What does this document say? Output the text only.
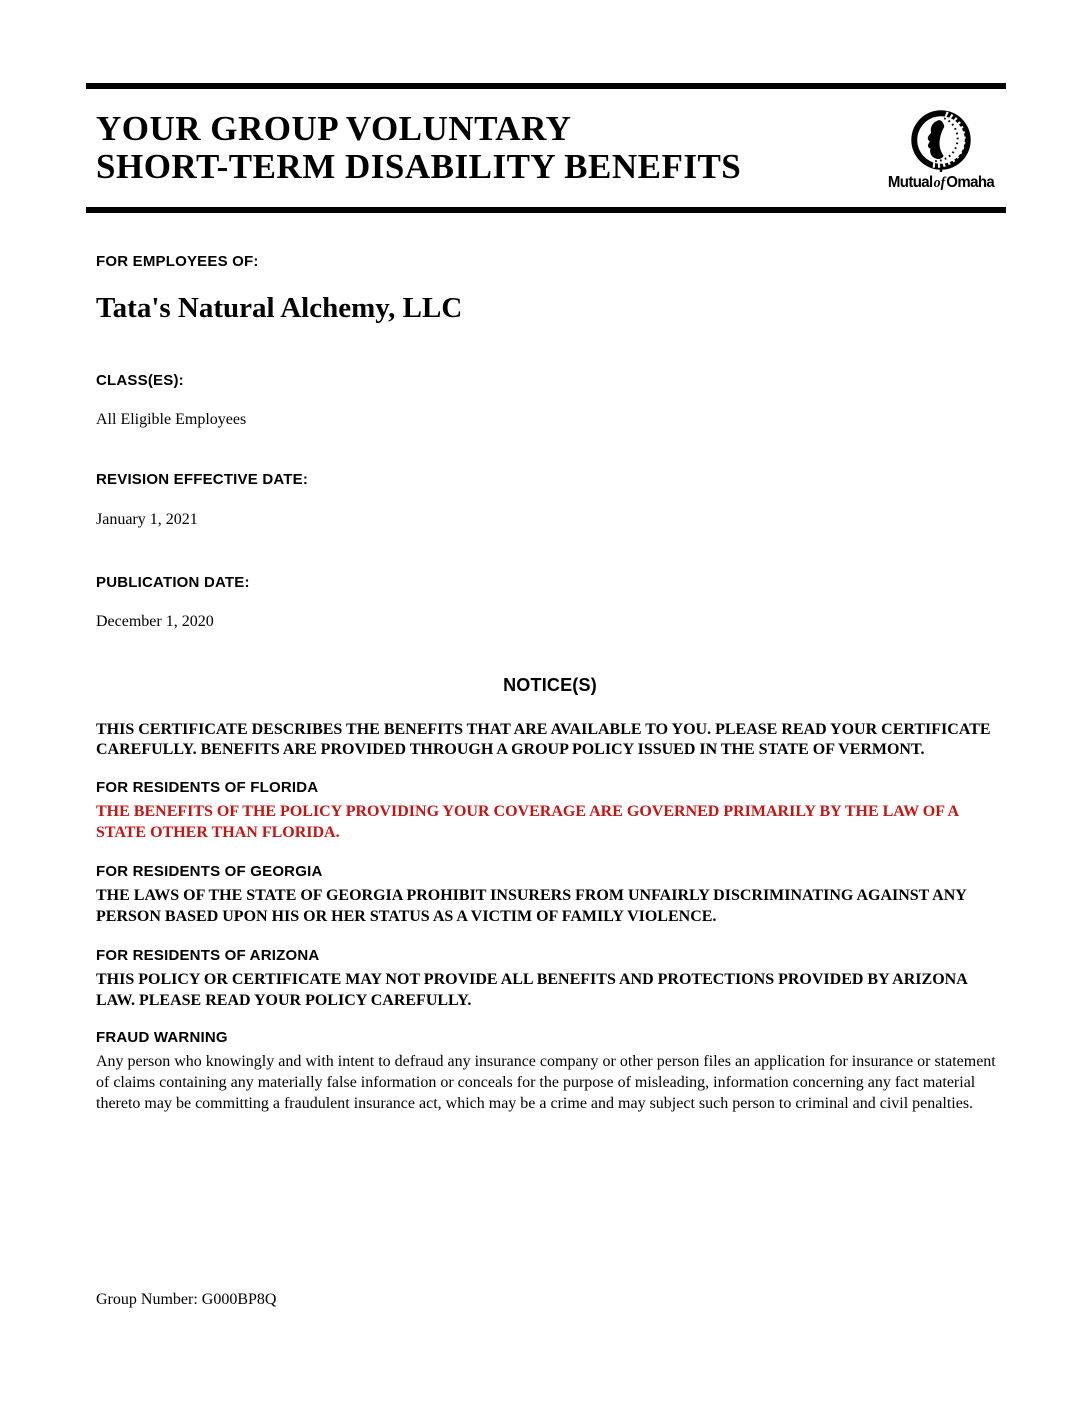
YOUR GROUP VOLUNTARY
SHORT-TERM DISABILITY BENEFITS	MutualofOmaha
FOR EMPLOYEES OF:
Tata's Natural Alchemy, LLC
CLASS(ES):
All Eligible Employees
REVISION EFFECTIVE DATE:
January 1, 2021
PUBLICATION DATE:
December 1, 2020
NOTICE(S)
THIS CERTIFICATE DESCRIBES THE BENEFITS THAT ARE AVAILABLE TO YOU. PLEASE READ YOUR CERTIFICATE CAREFULLY. BENEFITS ARE PROVIDED THROUGH A GROUP POLICY ISSUED IN THE STATE OF VERMONT.
FOR RESIDENTS OF FLORIDA
THE BENEFITS OF THE POLICY PROVIDING YOUR COVERAGE ARE GOVERNED PRIMARILY BY THE LAW OF A STATE OTHER THAN FLORIDA.
FOR RESIDENTS OF GEORGIA
THE LAWS OF THE STATE OF GEORGIA PROHIBIT INSURERS FROM UNFAIRLY DISCRIMINATING AGAINST ANY PERSON BASED UPON HIS OR HER STATUS AS A VICTIM OF FAMILY VIOLENCE.
FOR RESIDENTS OF ARIZONA
THIS POLICY OR CERTIFICATE MAY NOT PROVIDE ALL BENEFITS AND PROTECTIONS PROVIDED BY ARIZONA LAW. PLEASE READ YOUR POLICY CAREFULLY.
FRAUD WARNING
Any person who knowingly and with intent to defraud any insurance company or other person files an application for insurance or statement of claims containing any materially false information or conceals for the purpose of misleading, information concerning any fact material thereto may be committing a fraudulent insurance act, which may be a crime and may subject such person to criminal and civil penalties.
Group Number: G000BP8Q
